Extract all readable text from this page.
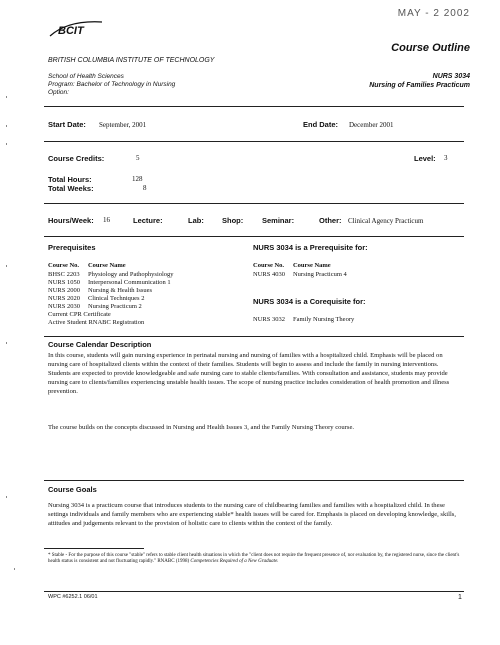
BCIT
MAY - 2 2002
Course Outline
BRITISH COLUMBIA INSTITUTE OF TECHNOLOGY
School of Health Sciences
Program: Bachelor of Technology in Nursing
Option:
NURS 3034
Nursing of Families Practicum
Start Date: September, 2001	End Date: December 2001
Course Credits:	5	Level: 3
Total Hours:	128
Total Weeks:	8
Hours/Week: 16	Lecture:	Lab: Shop:	Seminar:	Other: Clinical Agency Practicum
Prerequisites
Course No.	Course Name
BHSC 2203	Physiology and Pathophysiology
NURS 1050	Interpersonal Communication 1
NURS 2000	Nursing & Health Issues
NURS 2020	Clinical Techniques 2
NURS 2030	Nursing Practicum 2
Current CPR Certificate
Active Student RNABC Registration
NURS 3034 is a Prerequisite for:
Course No.	Course Name
NURS 4030	Nursing Practicum 4
NURS 3034 is a Corequisite for:
NURS 3032	Family Nursing Theory
Course Calendar Description
In this course, students will gain nursing experience in perinatal nursing and nursing of families with a hospitalized child. Emphasis will be placed on nursing care of hospitalized clients within the context of their families. Students will begin to assess and include the family in nursing interventions. Students are expected to provide knowledgeable and safe nursing care to stable clients/families. With consultation and assistance, students may provide nursing care to clients/families experiencing unstable health issues. The scope of nursing practice includes consideration of health promotion and illness prevention.
The course builds on the concepts discussed in Nursing and Health Issues 3, and the Family Nursing Theory course.
Course Goals
Nursing 3034 is a practicum course that introduces students to the nursing care of childbearing families and families with a hospitalized child. In these settings individuals and family members who are experiencing stable* health issues will be cared for. Emphasis is placed on developing knowledge, skills, attitudes and judgements relevant to the provision of holistic care to clients within the context of the family.
* Stable - For the purpose of this course "stable" refers to stable client health situations in which the "client does not require the frequent presence of, nor evaluation by, the registered nurse, since the client's health status is consistent and not fluctuating rapidly." RNABC (1998) Competencies Required of a New Graduate.
WPC #6252.1 06/01	1
